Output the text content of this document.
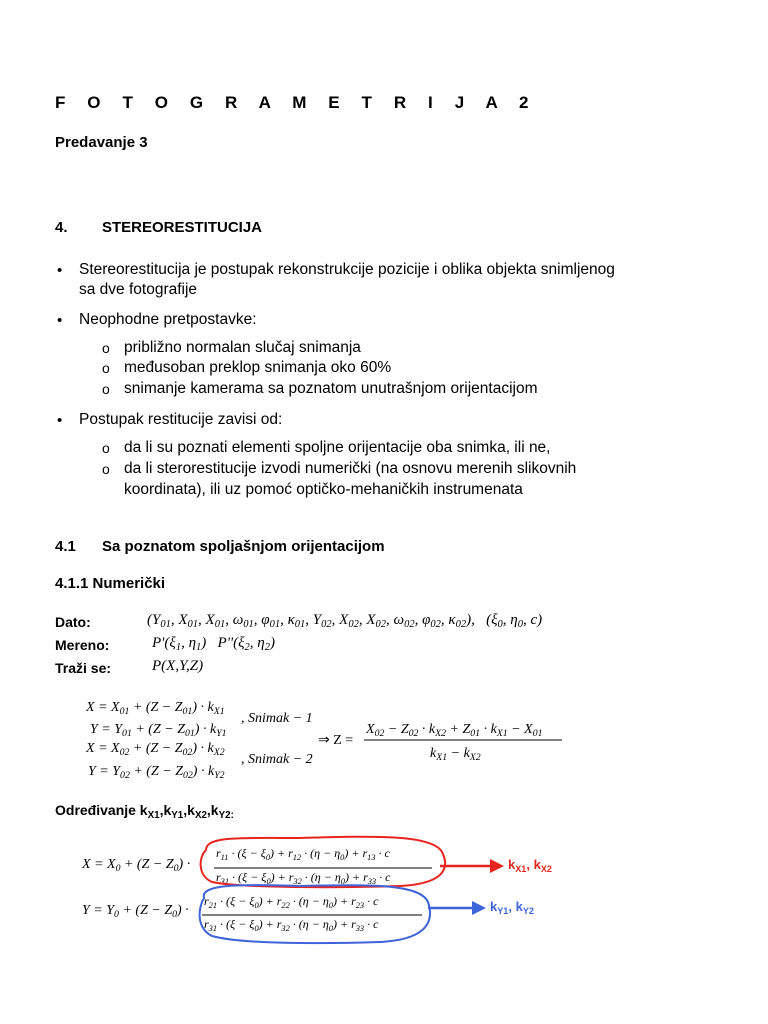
F O T O G R A M E T R I J A 2
Predavanje 3
4. STEREORESTITUCIJA
• Stereorestitucija je postupak rekonstrukcije pozicije i oblika objekta snimljenog
sa dve fotografije
• Neophodne pretpostavke:
o približno normalan slučaj snimanja
o međusoban preklop snimanja oko 60%
o snimanje kamerama sa poznatom unutrašnjom orijentacijom
• Postupak restitucije zavisi od:
o da li su poznati elementi spoljne orijentacije oba snimka, ili ne,
o da li sterorestitucije izvodi numerički (na osnovu merenih slikovnih
koordinata), ili uz pomoć optičko-mehaničkih instrumenata
4.1 Sa poznatom spoljašnjom orijentacijom
4.1.1 Numerički
Dato:	($Y_{01}$, $X_{01}$, $X_{01}$, $\omega_{01}$, $\varphi_{01}$, $\kappa_{01}$, $Y_{02}$, $X_{02}$, $X_{02}$, $\omega_{02}$, $\varphi_{02}$, $\kappa_{02}$),   ($\xi_0$, $\eta_0$, c)
Mereno:	$P'(\xi_1$, $\eta_1$)   $P''(\xi_2$, $\eta_2$)
Traži se:	P(X,Y,Z)
$X = X_{01} + (Z - Z_{01}) \cdot k_{X1}$
$Y = Y_{01} + (Z - Z_{01}) \cdot k_{Y1}$
$X = X_{02} + (Z - Z_{02}) \cdot k_{X2}$
$Y = Y_{02} + (Z - Z_{02}) \cdot k_{Y2}$
, Snimak − 1
, Snimak − 2
⇒ Z =
$X_{02} - Z_{02} \cdot k_{X2} + Z_{01} \cdot k_{X1} - X_{01}$
$k_{X1} - k_{X2}$
Određivanje $k_{X1},k_{Y1},k_{X2},k_{Y2:}$
$X = X_0 + (Z - Z_0)$ ·
$r_{11} \cdot (\xi - \xi_0) + r_{12} \cdot (\eta - \eta_0) + r_{13} \cdot c$
$r_{31} \cdot (\xi - \xi_0) + r_{32} \cdot (\eta - \eta_0) + r_{33} \cdot c$
$Y = Y_0 + (Z - Z_0)$ ·
$r_{21} \cdot (\xi - \xi_0) + r_{22} \cdot (\eta - \eta_0) + r_{23} \cdot c$
$r_{31} \cdot (\xi - \xi_0) + r_{32} \cdot (\eta - \eta_0) + r_{33} \cdot c$
$k_{X1}$, $k_{X2}$
$k_{Y1}$, $k_{Y2}$
